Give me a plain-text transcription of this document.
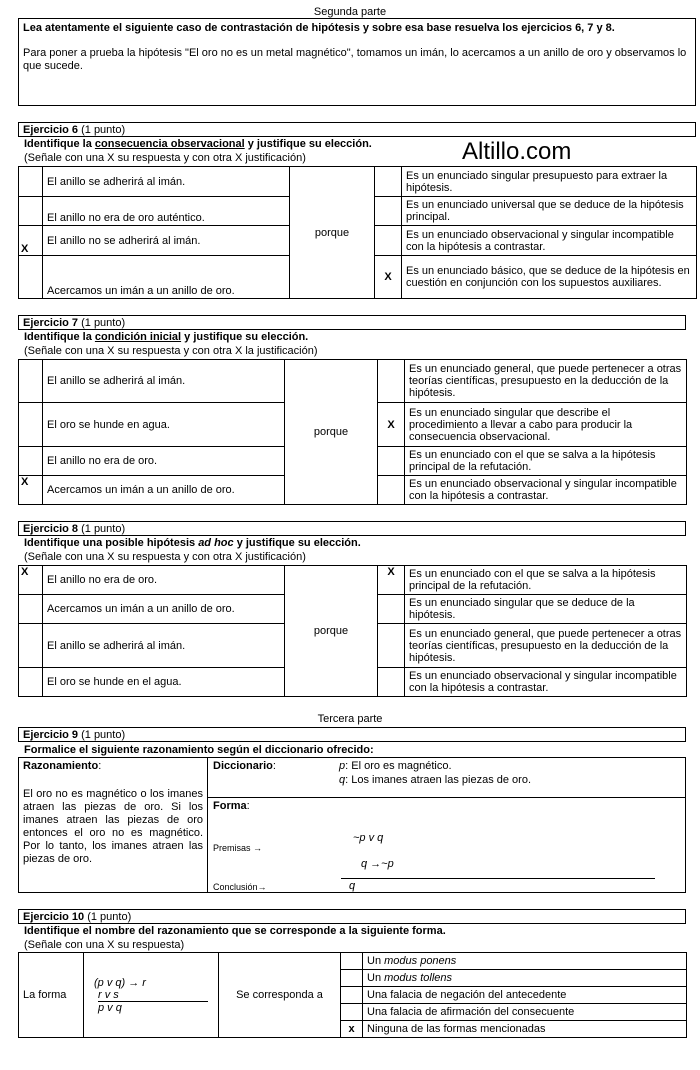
Segunda parte
Lea atentamente el siguiente caso de contrastación de hipótesis y sobre esa base resuelva los ejercicios 6, 7 y 8.
Para poner a prueba la hipótesis "El oro no es un metal magnético", tomamos un imán, lo acercamos a un anillo de oro y observamos lo que sucede.
Ejercicio 6 (1 punto)
Identifique la consecuencia observacional y justifique su elección.
(Señale con una X su respuesta y con otra X justificación)	Altillo.com
	El anillo se adherirá al imán.	porque		Es un enunciado singular presupuesto para extraer la hipótesis.
	El anillo no era de oro auténtico.			Es un enunciado universal que se deduce de la hipótesis principal.
X	El anillo no se adherirá al imán.			Es un enunciado observacional y singular incompatible con la hipótesis a contrastar.
	Acercamos un imán a un anillo de oro.		X	Es un enunciado básico, que se deduce de la hipótesis en cuestión en conjunción con los supuestos auxiliares.
Ejercicio 7 (1 punto)
Identifique la condición inicial y justifique su elección.
(Señale con una X su respuesta y con otra X la justificación)
	El anillo se adherirá al imán.	porque		Es un enunciado general, que puede pertenecer a otras teorías científicas, presupuesto en la deducción de la hipótesis.
	El oro se hunde en agua.		X	Es un enunciado singular que describe el procedimiento a llevar a cabo para producir la consecuencia observacional.
	El anillo no era de oro.			Es un enunciado con el que se salva a la hipótesis principal de la refutación.
X	Acercamos un imán a un anillo de oro.			Es un enunciado observacional y singular incompatible con la hipótesis a contrastar.
Ejercicio 8 (1 punto)
Identifique una posible hipótesis ad hoc y justifique su elección.
(Señale con una X su respuesta y con otra X justificación)
X	El anillo no era de oro.	porque	X	Es un enunciado con el que se salva a la hipótesis principal de la refutación.
	Acercamos un imán a un anillo de oro.			Es un enunciado singular que se deduce de la hipótesis.
	El anillo se adherirá al imán.			Es un enunciado general, que puede pertenecer a otras teorías científicas, presupuesto en la deducción de la hipótesis.
	El oro se hunde en el agua.			Es un enunciado observacional y singular incompatible con la hipótesis a contrastar.
Tercera parte
Ejercicio 9 (1 punto)
Formalice el siguiente razonamiento según el diccionario ofrecido:
Razonamiento:
El oro no es magnético o los imanes atraen las piezas de oro. Si los imanes atraen las piezas de oro entonces el oro no es magnético. Por lo tanto, los imanes atraen las piezas de oro.
Diccionario:	p: El oro es magnético.
q: Los imanes atraen las piezas de oro.
Forma:
Premisas →
~p v q
q →~p
Conclusión→	q
Ejercicio 10 (1 punto)
Identifique el nombre del razonamiento que se corresponde a la siguiente forma.
(Señale con una X su respuesta)
La forma	(p v q) → r
r v s
p v q	Se corresponda a		Un modus ponens
				Un modus tollens
				Una falacia de negación del antecedente
				Una falacia de afirmación del consecuente
			x	Ninguna de las formas mencionadas
